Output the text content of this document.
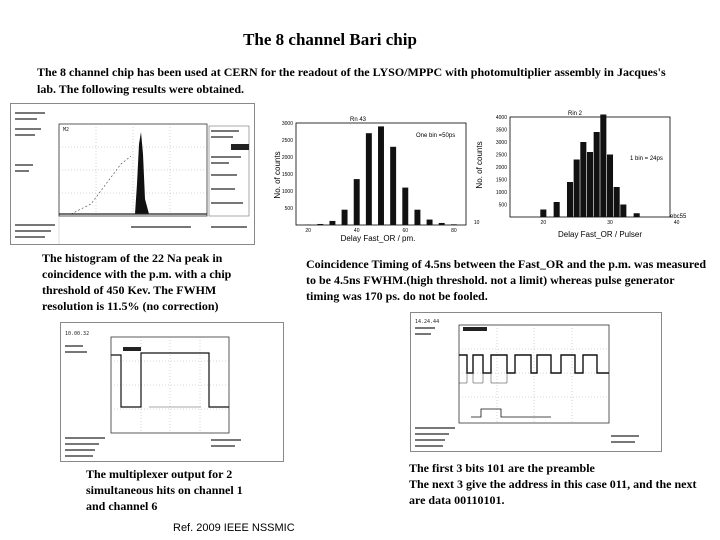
The 8 channel Bari chip
The 8 channel chip has been used at CERN for the readout of the LYSO/MPPC with photomultiplier assembly in Jacques's lab. The following results were obtained.
M2
No. of counts
Delay Fast_OR / pm.
Rn 43
One bin =50ps
3000
2500
2000
1500
1000
500
20	40	60	80
No. of counts
Delay Fast_OR / Pulser
Rin 2
1 bin = 24ps
ebc55
4000
3500
3000
2500
2000
1500
1000
500
10	20	30	40
The histogram of the 22 Na peak in coincidence with the p.m. with a chip threshold of 450 Kev. The FWHM resolution is 11.5% (no correction)
Coincidence Timing of 4.5ns between the Fast_OR and the p.m. was measured to be 4.5ns FWHM.(high threshold. not a limit) whereas pulse generator timing was 170 ps. do not be fooled.
10.00.32
14.24.44
The multiplexer output for 2 simultaneous hits on channel 1 and channel 6
The first 3 bits 101 are the preamble
The next 3 give the address in this case 011, and the next are data 00110101.
Ref. 2009 IEEE NSSMIC
